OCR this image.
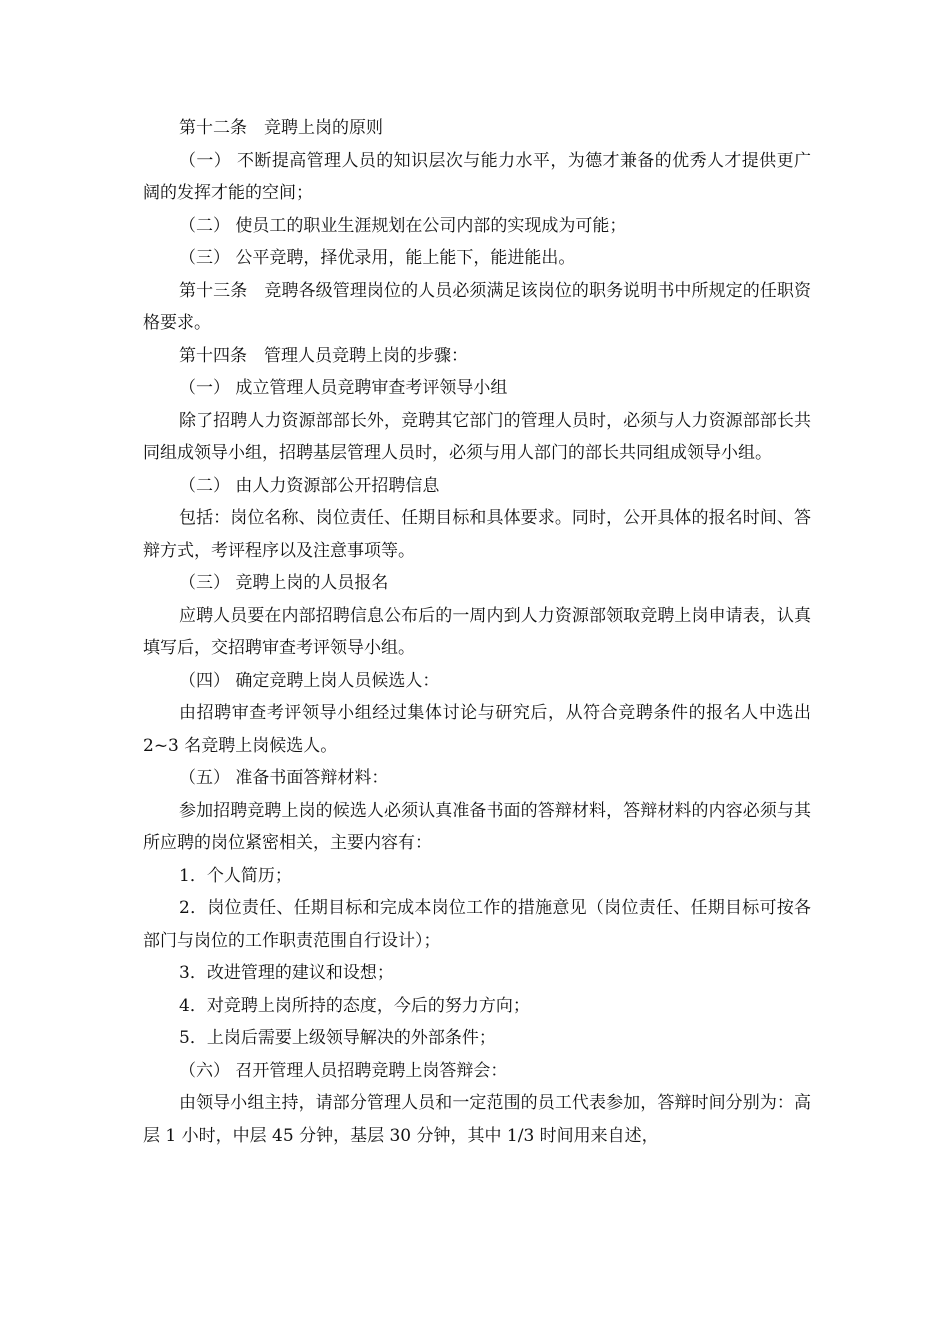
第十二条　竞聘上岗的原则

（一） 不断提高管理人员的知识层次与能力水平，为德才兼备的优秀人才提供更广阔的发挥才能的空间；

（二） 使员工的职业生涯规划在公司内部的实现成为可能；

（三） 公平竞聘，择优录用，能上能下，能进能出。

第十三条　竞聘各级管理岗位的人员必须满足该岗位的职务说明书中所规定的任职资格要求。

第十四条　管理人员竞聘上岗的步骤：

（一） 成立管理人员竞聘审查考评领导小组

除了招聘人力资源部部长外，竞聘其它部门的管理人员时，必须与人力资源部部长共同组成领导小组，招聘基层管理人员时，必须与用人部门的部长共同组成领导小组。

（二） 由人力资源部公开招聘信息

包括：岗位名称、岗位责任、任期目标和具体要求。同时，公开具体的报名时间、答辩方式，考评程序以及注意事项等。

（三） 竞聘上岗的人员报名

应聘人员要在内部招聘信息公布后的一周内到人力资源部领取竞聘上岗申请表，认真填写后，交招聘审查考评领导小组。

（四） 确定竞聘上岗人员候选人：

由招聘审查考评领导小组经过集体讨论与研究后，从符合竞聘条件的报名人中选出 2~3 名竞聘上岗候选人。

（五） 准备书面答辩材料：

参加招聘竞聘上岗的候选人必须认真准备书面的答辩材料，答辩材料的内容必须与其所应聘的岗位紧密相关，主要内容有：

1．个人简历；

2．岗位责任、任期目标和完成本岗位工作的措施意见（岗位责任、任期目标可按各部门与岗位的工作职责范围自行设计）；

3．改进管理的建议和设想；

4．对竞聘上岗所持的态度，今后的努力方向；

5．上岗后需要上级领导解决的外部条件；

（六） 召开管理人员招聘竞聘上岗答辩会：

由领导小组主持，请部分管理人员和一定范围的员工代表参加，答辩时间分别为：高层 1 小时，中层 45 分钟，基层 30 分钟，其中 1/3 时间用来自述，
